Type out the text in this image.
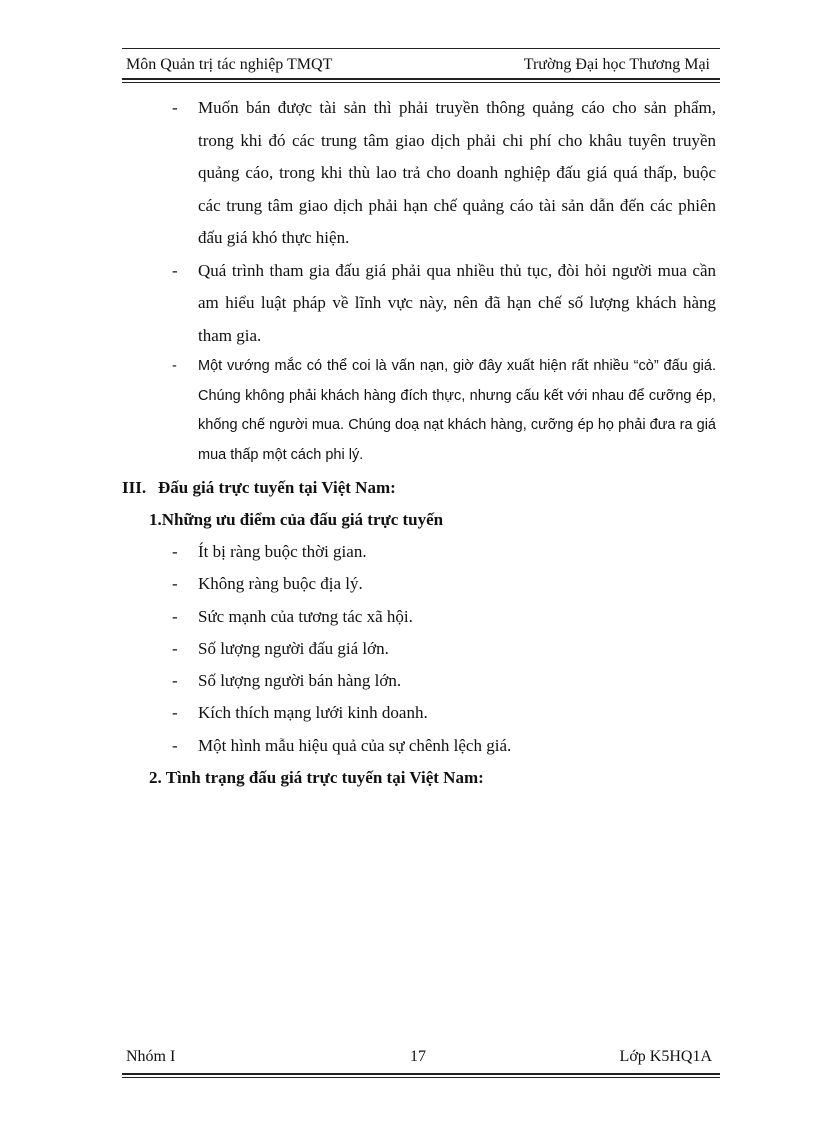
Môn Quản trị tác nghiệp TMQT	Trường Đại học Thương Mại
- Muốn bán được tài sản thì phải truyền thông quảng cáo cho sản phẩm, trong khi đó các trung tâm giao dịch phải chi phí cho khâu tuyên truyền quảng cáo, trong khi thù lao trả cho doanh nghiệp đấu giá quá thấp, buộc các trung tâm giao dịch phải hạn chế quảng cáo tài sản dẫn đến các phiên đấu giá khó thực hiện.
- Quá trình tham gia đấu giá phải qua nhiều thủ tục, đòi hỏi người mua cần am hiểu luật pháp về lĩnh vực này, nên đã hạn chế số lượng khách hàng tham gia.
- Một vướng mắc có thể coi là vấn nạn, giờ đây xuất hiện rất nhiều “cò” đấu giá. Chúng không phải khách hàng đích thực, nhưng cấu kết với nhau để cưỡng ép, khống chế người mua. Chúng doạ nạt khách hàng, cưỡng ép họ phải đưa ra giá mua thấp một cách phi lý.
III. Đấu giá trực tuyến tại Việt Nam:
1.Những ưu điểm của đấu giá trực tuyến
- Ít bị ràng buộc thời gian.
- Không ràng buộc địa lý.
- Sức mạnh của tương tác xã hội.
- Số lượng người đấu giá lớn.
- Số lượng người bán hàng lớn.
- Kích thích mạng lưới kinh doanh.
- Một hình mẫu hiệu quả của sự chênh lệch giá.
2. Tình trạng đấu giá trực tuyến tại Việt Nam:
Nhóm I	17	Lớp K5HQ1A
